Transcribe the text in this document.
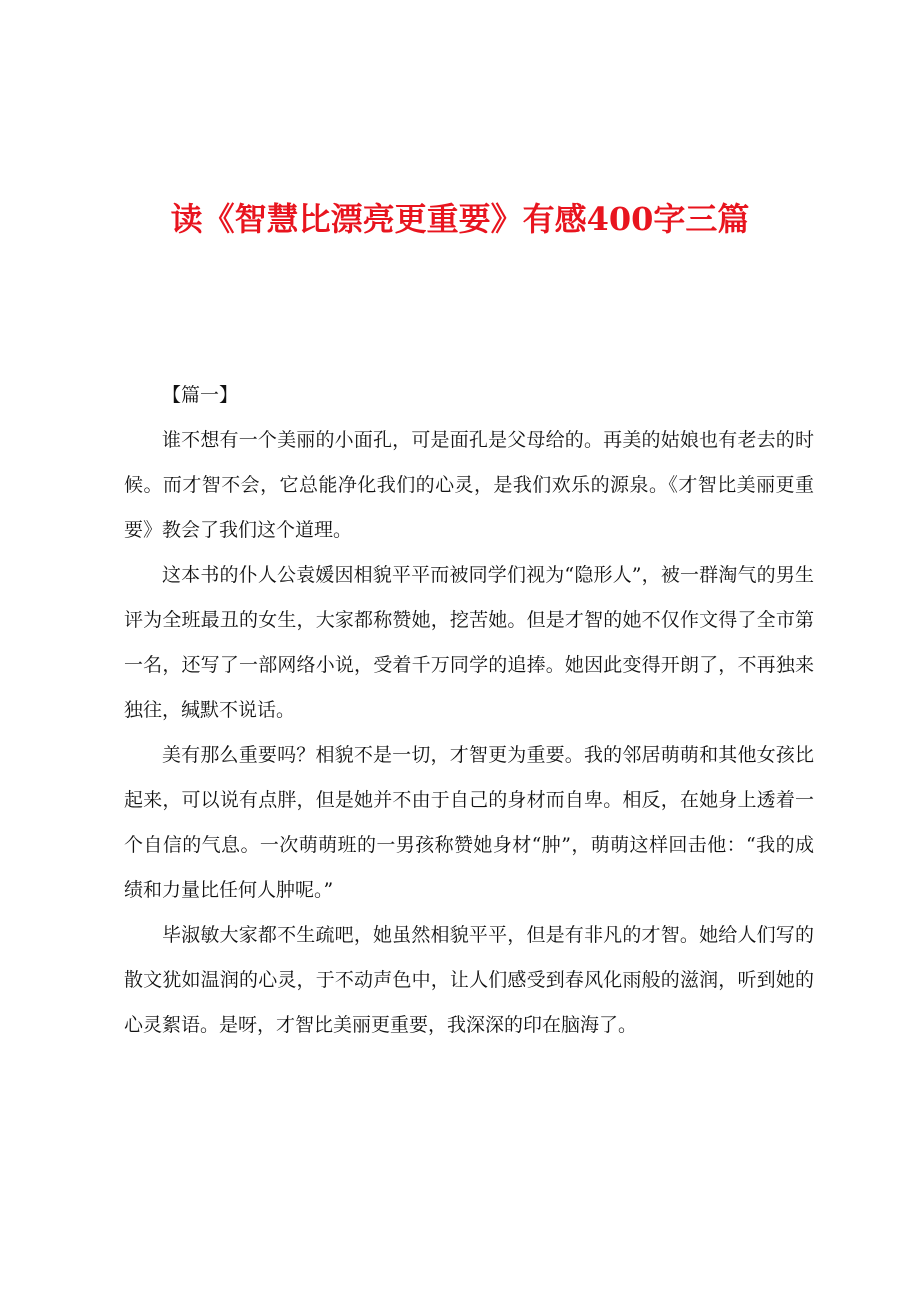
读《智慧比漂亮更重要》有感400字三篇

【篇一】

谁不想有一个美丽的小面孔，可是面孔是父母给的。再美的姑娘也有老去的时候。而才智不会，它总能净化我们的心灵，是我们欢乐的源泉。《才智比美丽更重要》教会了我们这个道理。

这本书的仆人公袁媛因相貌平平而被同学们视为“隐形人”，被一群淘气的男生评为全班最丑的女生，大家都称赞她，挖苦她。但是才智的她不仅作文得了全市第一名，还写了一部网络小说，受着千万同学的追捧。她因此变得开朗了，不再独来独往，缄默不说话。

美有那么重要吗？相貌不是一切，才智更为重要。我的邻居萌萌和其他女孩比起来，可以说有点胖，但是她并不由于自己的身材而自卑。相反，在她身上透着一个自信的气息。一次萌萌班的一男孩称赞她身材“肿”，萌萌这样回击他：“我的成绩和力量比任何人肿呢。”

毕淑敏大家都不生疏吧，她虽然相貌平平，但是有非凡的才智。她给人们写的散文犹如温润的心灵，于不动声色中，让人们感受到春风化雨般的滋润，听到她的心灵絮语。是呀，才智比美丽更重要，我深深的印在脑海了。
